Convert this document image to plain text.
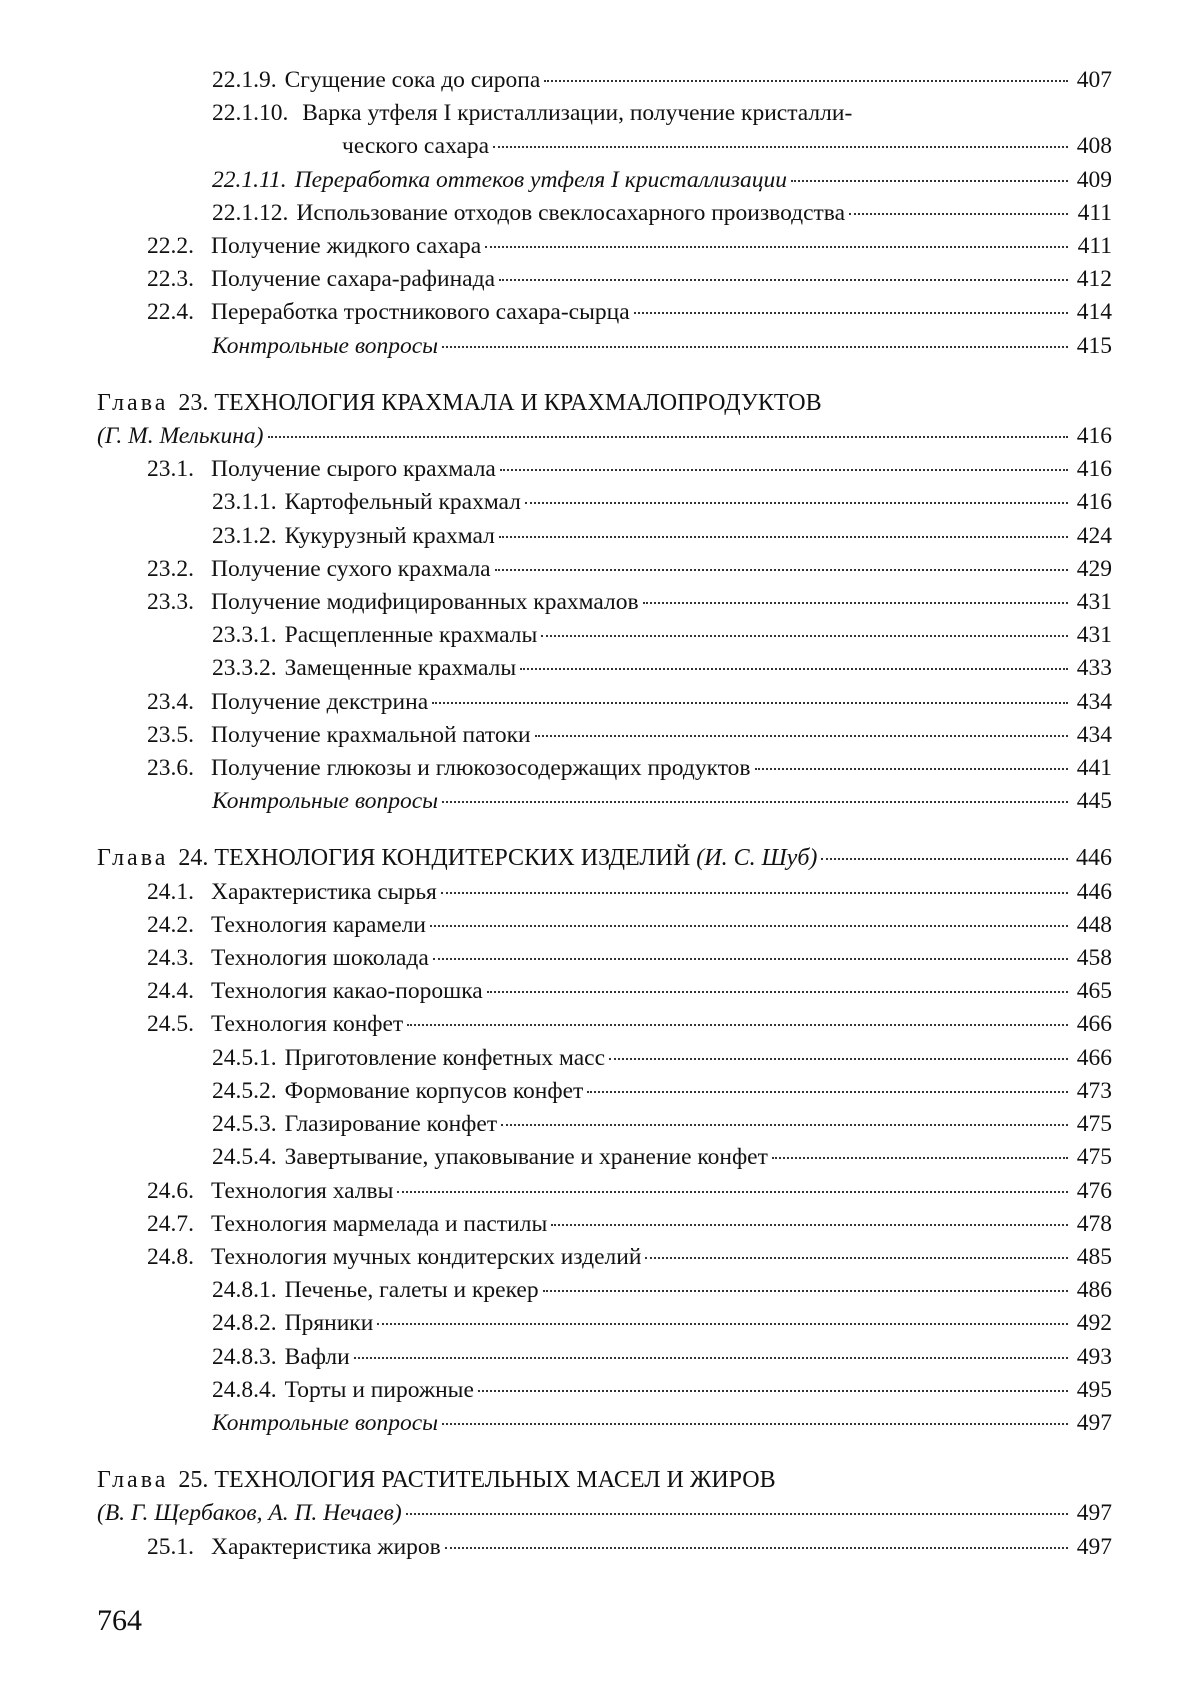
22.1.9. Сгущение сока до сиропа	407
22.1.10. Варка утфеля I кристаллизации, получение кристалли-
ческого сахара	408
22.1.11. Переработка оттеков утфеля I кристаллизации	409
22.1.12. Использование отходов свеклосахарного производства	411
22.2. Получение жидкого сахара	411
22.3. Получение сахара-рафинада	412
22.4. Переработка тростникового сахара-сырца	414
Контрольные вопросы	415
Глава 23. ТЕХНОЛОГИЯ КРАХМАЛА И КРАХМАЛОПРОДУКТОВ
(Г. М. Мелькина)	416
23.1. Получение сырого крахмала	416
23.1.1. Картофельный крахмал	416
23.1.2. Кукурузный крахмал	424
23.2. Получение сухого крахмала	429
23.3. Получение модифицированных крахмалов	431
23.3.1. Расщепленные крахмалы	431
23.3.2. Замещенные крахмалы	433
23.4. Получение декстрина	434
23.5. Получение крахмальной патоки	434
23.6. Получение глюкозы и глюкозосодержащих продуктов	441
Контрольные вопросы	445
Глава 24. ТЕХНОЛОГИЯ КОНДИТЕРСКИХ ИЗДЕЛИЙ (И. С. Шуб)	446
24.1. Характеристика сырья	446
24.2. Технология карамели	448
24.3. Технология шоколада	458
24.4. Технология какао-порошка	465
24.5. Технология конфет	466
24.5.1. Приготовление конфетных масс	466
24.5.2. Формование корпусов конфет	473
24.5.3. Глазирование конфет	475
24.5.4. Завертывание, упаковывание и хранение конфет	475
24.6. Технология халвы	476
24.7. Технология мармелада и пастилы	478
24.8. Технология мучных кондитерских изделий	485
24.8.1. Печенье, галеты и крекер	486
24.8.2. Пряники	492
24.8.3. Вафли	493
24.8.4. Торты и пирожные	495
Контрольные вопросы	497
Глава 25. ТЕХНОЛОГИЯ РАСТИТЕЛЬНЫХ МАСЕЛ И ЖИРОВ
(В. Г. Щербаков, А. П. Нечаев)	497
25.1. Характеристика жиров	497
764
